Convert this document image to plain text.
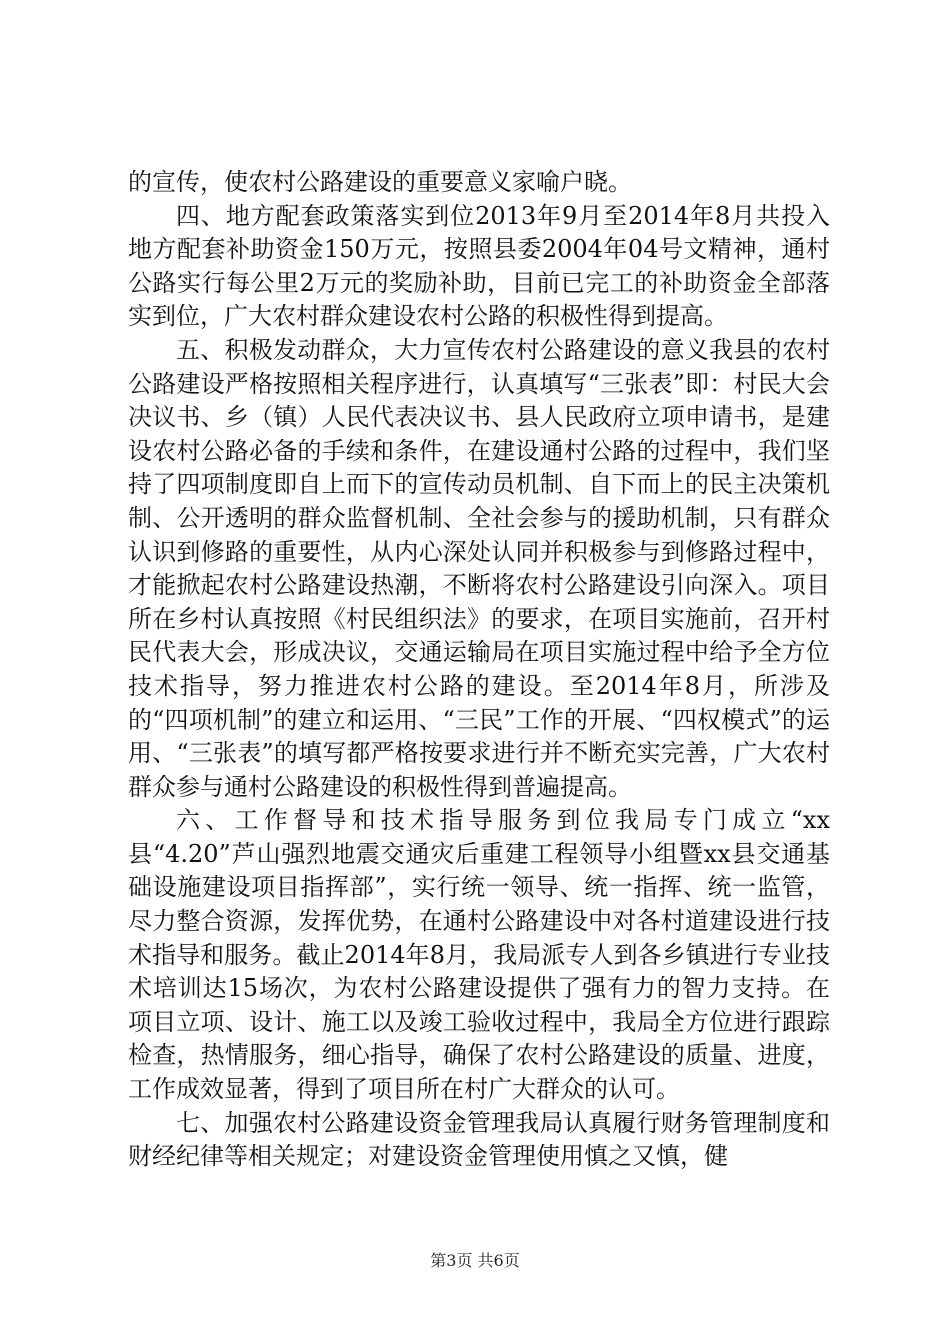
的宣传，使农村公路建设的重要意义家喻户晓。

四、地方配套政策落实到位2013年9月至2014年8月共投入地方配套补助资金150万元，按照县委2004年04号文精神，通村公路实行每公里2万元的奖励补助，目前已完工的补助资金全部落实到位，广大农村群众建设农村公路的积极性得到提高。

五、积极发动群众，大力宣传农村公路建设的意义我县的农村公路建设严格按照相关程序进行，认真填写“三张表”即：村民大会决议书、乡（镇）人民代表决议书、县人民政府立项申请书，是建设农村公路必备的手续和条件，在建设通村公路的过程中，我们坚持了四项制度即自上而下的宣传动员机制、自下而上的民主决策机制、公开透明的群众监督机制、全社会参与的援助机制，只有群众认识到修路的重要性，从内心深处认同并积极参与到修路过程中，才能掀起农村公路建设热潮，不断将农村公路建设引向深入。项目所在乡村认真按照《村民组织法》的要求，在项目实施前，召开村民代表大会，形成决议，交通运输局在项目实施过程中给予全方位技术指导，努力推进农村公路的建设。至2014年8月，所涉及的“四项机制”的建立和运用、“三民”工作的开展、“四权模式”的运用、“三张表”的填写都严格按要求进行并不断充实完善，广大农村群众参与通村公路建设的积极性得到普遍提高。

六、工作督导和技术指导服务到位我局专门成立“xx县“4.20”芦山强烈地震交通灾后重建工程领导小组暨xx县交通基础设施建设项目指挥部”，实行统一领导、统一指挥、统一监管，尽力整合资源，发挥优势，在通村公路建设中对各村道建设进行技术指导和服务。截止2014年8月，我局派专人到各乡镇进行专业技术培训达15场次，为农村公路建设提供了强有力的智力支持。在项目立项、设计、施工以及竣工验收过程中，我局全方位进行跟踪检查，热情服务，细心指导，确保了农村公路建设的质量、进度，工作成效显著，得到了项目所在村广大群众的认可。

七、加强农村公路建设资金管理我局认真履行财务管理制度和财经纪律等相关规定；对建设资金管理使用慎之又慎，健

第3页 共6页
